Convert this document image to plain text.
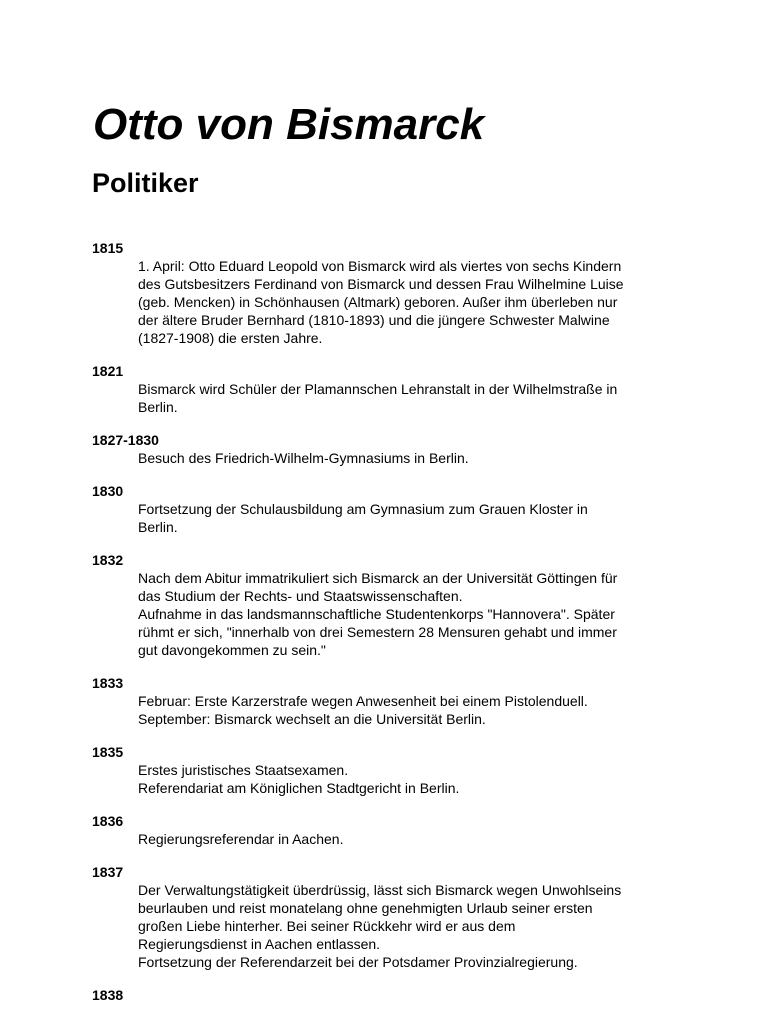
Otto von Bismarck
Politiker
1815
1. April: Otto Eduard Leopold von Bismarck wird als viertes von sechs Kindern
des Gutsbesitzers Ferdinand von Bismarck und dessen Frau Wilhelmine Luise
(geb. Mencken) in Schönhausen (Altmark) geboren. Außer ihm überleben nur
der ältere Bruder Bernhard (1810-1893) und die jüngere Schwester Malwine
(1827-1908) die ersten Jahre.
1821
Bismarck wird Schüler der Plamannschen Lehranstalt in der Wilhelmstraße in
Berlin.
1827-1830
Besuch des Friedrich-Wilhelm-Gymnasiums in Berlin.
1830
Fortsetzung der Schulausbildung am Gymnasium zum Grauen Kloster in
Berlin.
1832
Nach dem Abitur immatrikuliert sich Bismarck an der Universität Göttingen für
das Studium der Rechts- und Staatswissenschaften.
Aufnahme in das landsmannschaftliche Studentenkorps "Hannovera". Später
rühmt er sich, "innerhalb von drei Semestern 28 Mensuren gehabt und immer
gut davongekommen zu sein."
1833
Februar: Erste Karzerstrafe wegen Anwesenheit bei einem Pistolenduell.
September: Bismarck wechselt an die Universität Berlin.
1835
Erstes juristisches Staatsexamen.
Referendariat am Königlichen Stadtgericht in Berlin.
1836
Regierungsreferendar in Aachen.
1837
Der Verwaltungstätigkeit überdrüssig, lässt sich Bismarck wegen Unwohlseins
beurlauben und reist monatelang ohne genehmigten Urlaub seiner ersten
großen Liebe hinterher. Bei seiner Rückkehr wird er aus dem
Regierungsdienst in Aachen entlassen.
Fortsetzung der Referendarzeit bei der Potsdamer Provinzialregierung.
1838
